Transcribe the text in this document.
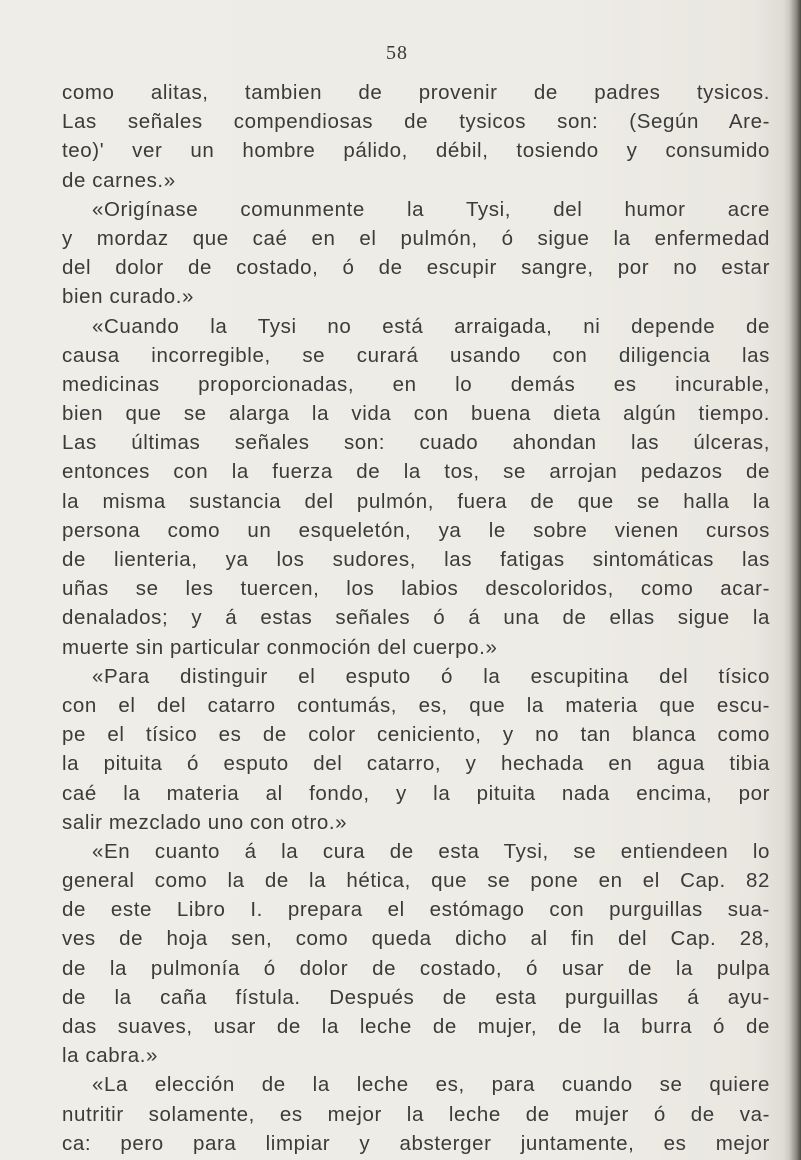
58
como alitas, tambien de provenir de padres tysicos.
Las señales compendiosas de tysicos son: (Según Are-
teo)' ver un hombre pálido, débil, tosiendo y consumido
de carnes.»
«Origínase comunmente la Tysi, del humor acre
y mordaz que caé en el pulmón, ó sigue la enfermedad
del dolor de costado, ó de escupir sangre, por no estar
bien curado.»
«Cuando la Tysi no está arraigada, ni depende de
causa incorregible, se curará usando con diligencia las
medicinas proporcionadas, en lo demás es incurable,
bien que se alarga la vida con buena dieta algún tiempo.
Las últimas señales son: cuado ahondan las úlceras,
entonces con la fuerza de la tos, se arrojan pedazos de
la misma sustancia del pulmón, fuera de que se halla la
persona como un esqueletón, ya le sobre vienen cursos
de lienteria, ya los sudores, las fatigas sintomáticas las
uñas se les tuercen, los labios descoloridos, como acar-
denalados; y á estas señales ó á una de ellas sigue la
muerte sin particular conmoción del cuerpo.»
«Para distinguir el esputo ó la escupitina del tísico
con el del catarro contumás, es, que la materia que escu-
pe el tísico es de color ceniciento, y no tan blanca como
la pituita ó esputo del catarro, y hechada en agua tibia
caé la materia al fondo, y la pituita nada encima, por
salir mezclado uno con otro.»
«En cuanto á la cura de esta Tysi, se entiendeen lo
general como la de la hética, que se pone en el Cap. 82
de este Libro I. prepara el estómago con purguillas sua-
ves de hoja sen, como queda dicho al fin del Cap. 28,
de la pulmonía ó dolor de costado, ó usar de la pulpa
de la caña fístula. Después de esta purguillas á ayu-
das suaves, usar de la leche de mujer, de la burra ó de
la cabra.»
«La elección de la leche es, para cuando se quiere
nutritir solamente, es mejor la leche de mujer ó de va-
ca: pero para limpiar y absterger juntamente, es mejor
